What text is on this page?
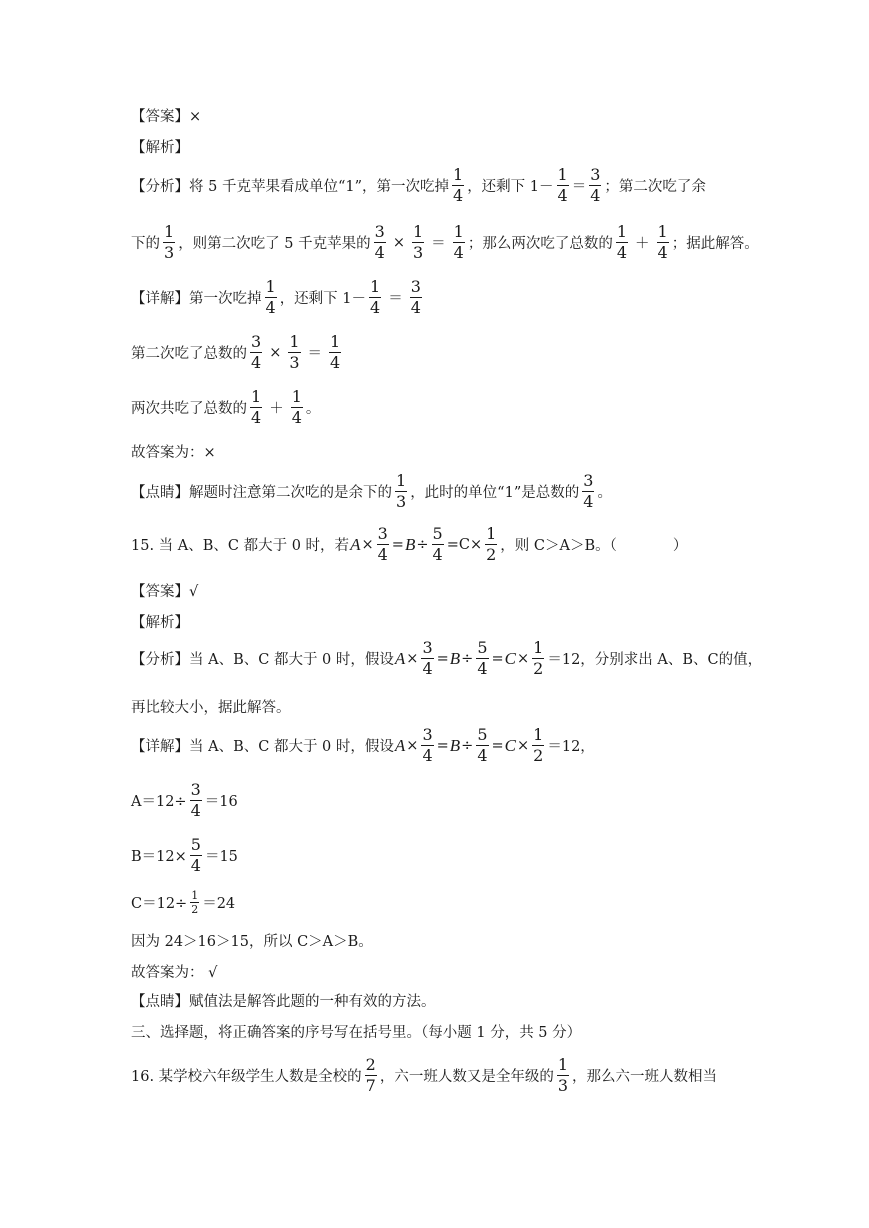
【答案】×
【解析】
【分析】将 5 千克苹果看成单位“1”，第一次吃掉 $\frac{1}{4}$ ，还剩下 $1- \frac{1}{4} = \frac{3}{4}$ ；第二次吃了余
下的 $\frac{1}{3}$ ，则第二次吃了 5 千克苹果的 $\frac{3}{4} \times \frac{1}{3} = \frac{1}{4}$ ；那么两次吃了总数的 $\frac{1}{4} + \frac{1}{4}$ ；据此解答。
【详解】第一次吃掉 $\frac{1}{4}$ ，还剩下 $1- \frac{1}{4} = \frac{3}{4}$
第二次吃了总数的 $\frac{3}{4} \times \frac{1}{3} = \frac{1}{4}$
两次共吃了总数的 $\frac{1}{4} + \frac{1}{4}$ 。
故答案为：×
【点睛】解题时注意第二次吃的是余下的 $\frac{1}{3}$ ，此时的单位“1”是总数的 $\frac{3}{4}$ 。
15. 当 A、B、C 都大于 0 时，若 $A \times \frac{3}{4} = B \div \frac{5}{4} = C \times \frac{1}{2}$ ，则 C＞A＞B。（	）
【答案】√
【解析】
【分析】当 A、B、C 都大于 0 时，假设 $A \times \frac{3}{4} = B \div \frac{5}{4} = C \times \frac{1}{2} =12$，分别求出 A、B、C的值，
再比较大小，据此解答。
【详解】当 A、B、C 都大于 0 时，假设 $A \times \frac{3}{4} = B \div \frac{5}{4} = C \times \frac{1}{2} =12$，
$A=12\div \frac{3}{4} =16$
$B=12\times \frac{5}{4} =15$
$C=12\div \frac{1}{2} =24$
因为 24＞16＞15，所以 C＞A＞B。
故答案为： √
【点睛】赋值法是解答此题的一种有效的方法。
三、选择题，将正确答案的序号写在括号里。（每小题 1 分，共 5 分）
16. 某学校六年级学生人数是全校的 $\frac{2}{7}$ ，六一班人数又是全年级的 $\frac{1}{3}$ ，那么六一班人数相当
